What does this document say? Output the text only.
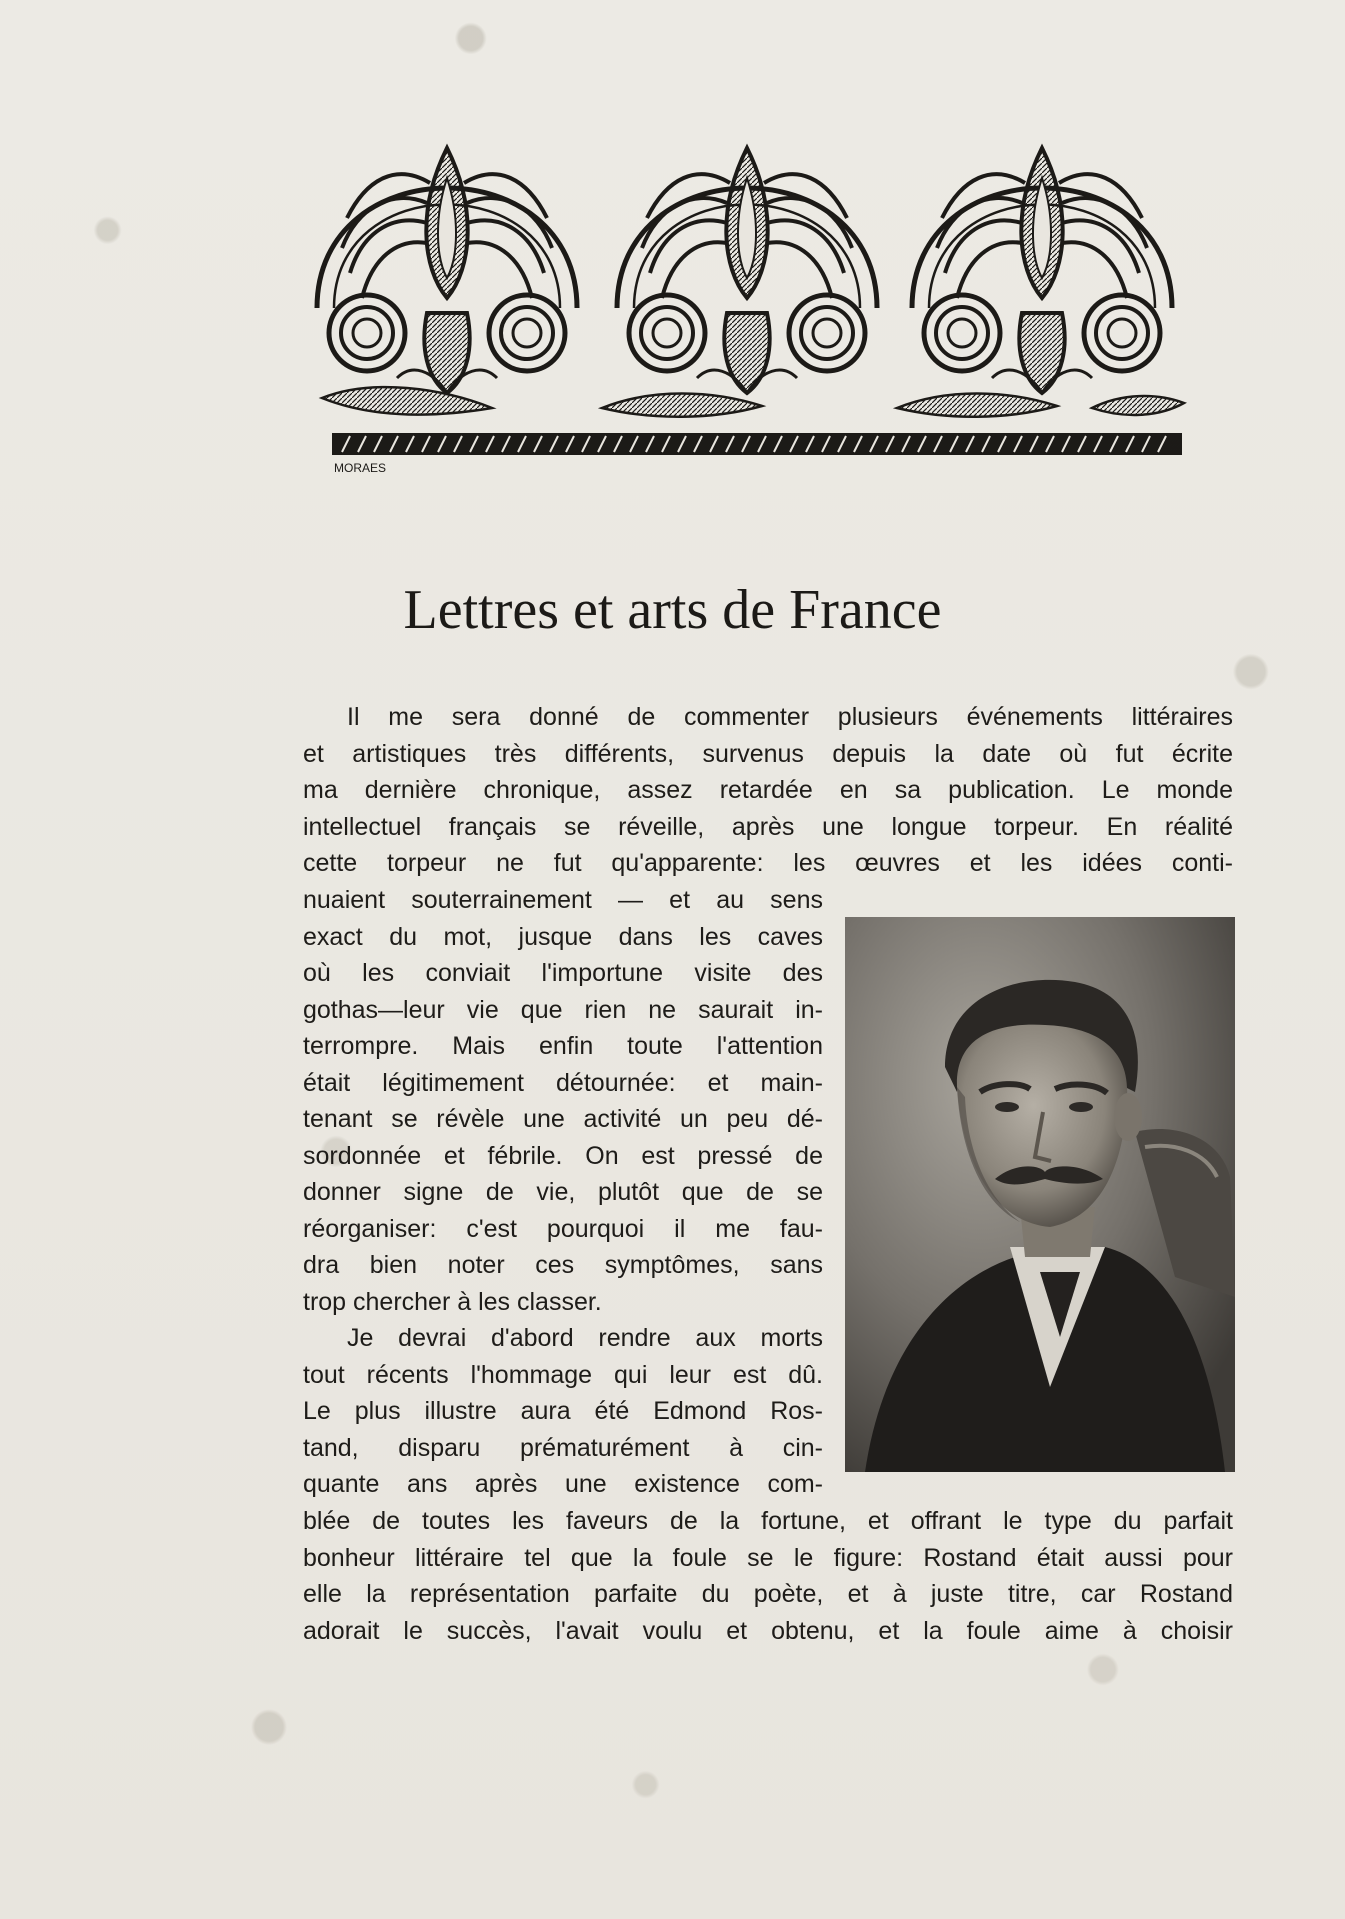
MORAES
Lettres et arts de France
Il me sera donné de commenter plusieurs événements littéraires
et artistiques très différents, survenus depuis la date où fut écrite
ma dernière chronique, assez retardée en sa publication. Le monde
intellectuel français se réveille, après une longue torpeur. En réalité
cette torpeur ne fut qu'apparente: les œuvres et les idées conti-
nuaient souterrainement — et au sens
exact du mot, jusque dans les caves
où les conviait l'importune visite des
gothas—leur vie que rien ne saurait in-
terrompre. Mais enfin toute l'attention
était légitimement détournée: et main-
tenant se révèle une activité un peu dé-
sordonnée et fébrile. On est pressé de
donner signe de vie, plutôt que de se
réorganiser: c'est pourquoi il me fau-
dra bien noter ces symptômes, sans
trop chercher à les classer.
Je devrai d'abord rendre aux morts
tout récents l'hommage qui leur est dû.
Le plus illustre aura été Edmond Ros-
tand, disparu prématurément à cin-
quante ans après une existence com-
blée de toutes les faveurs de la fortune, et offrant le type du parfait
bonheur littéraire tel que la foule se le figure: Rostand était aussi pour
elle la représentation parfaite du poète, et à juste titre, car Rostand
adorait le succès, l'avait voulu et obtenu, et la foule aime à choisir
